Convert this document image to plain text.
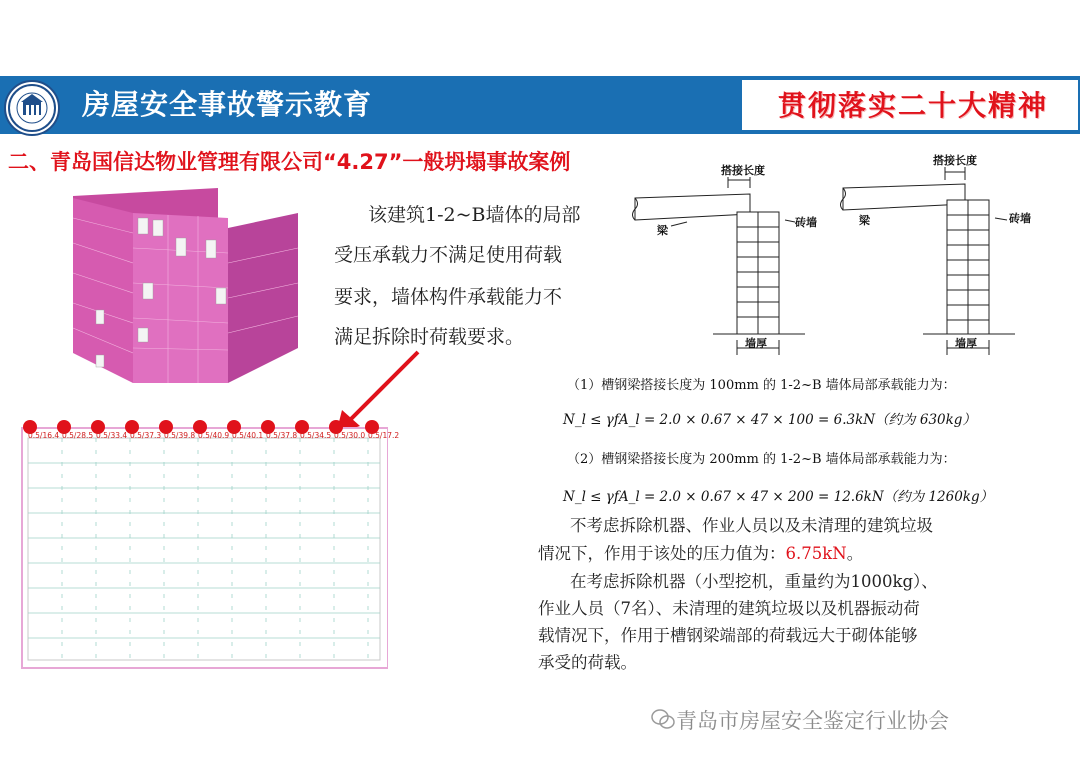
房屋安全事故警示教育	贯彻落实二十大精神
二、青岛国信达物业管理有限公司“4.27”一般坍塌事故案例
该建筑1-2~B墙体的局部
受压承载力不满足使用荷载
要求，墙体构件承载能力不
满足拆除时荷载要求。
0.5/16.4 0.5/28.5 0.5/33.4 0.5/37.3 0.5/39.8 0.5/40.9 0.5/40.1 0.5/37.8 0.5/34.5 0.5/30.0 0.5/17.2
搭接长度
梁
砖墙
墙厚
搭接长度
梁	砖墙
墙厚
（1）槽钢梁搭接长度为 100mm 的 1-2~B 墙体局部承载能力为：
N_l ≤ γfA_l = 2.0 × 0.67 × 47 × 100 = 6.3kN（约为 630kg）
（2）槽钢梁搭接长度为 200mm 的 1-2~B 墙体局部承载能力为：
N_l ≤ γfA_l = 2.0 × 0.67 × 47 × 200 = 12.6kN（约为 1260kg）
不考虑拆除机器、作业人员以及未清理的建筑垃圾
情况下，作用于该处的压力值为：6.75kN。
在考虑拆除机器（小型挖机，重量约为1000kg）、
作业人员（7名）、未清理的建筑垃圾以及机器振动荷
载情况下，作用于槽钢梁端部的荷载远大于砌体能够
承受的荷载。
青岛市房屋安全鉴定行业协会
